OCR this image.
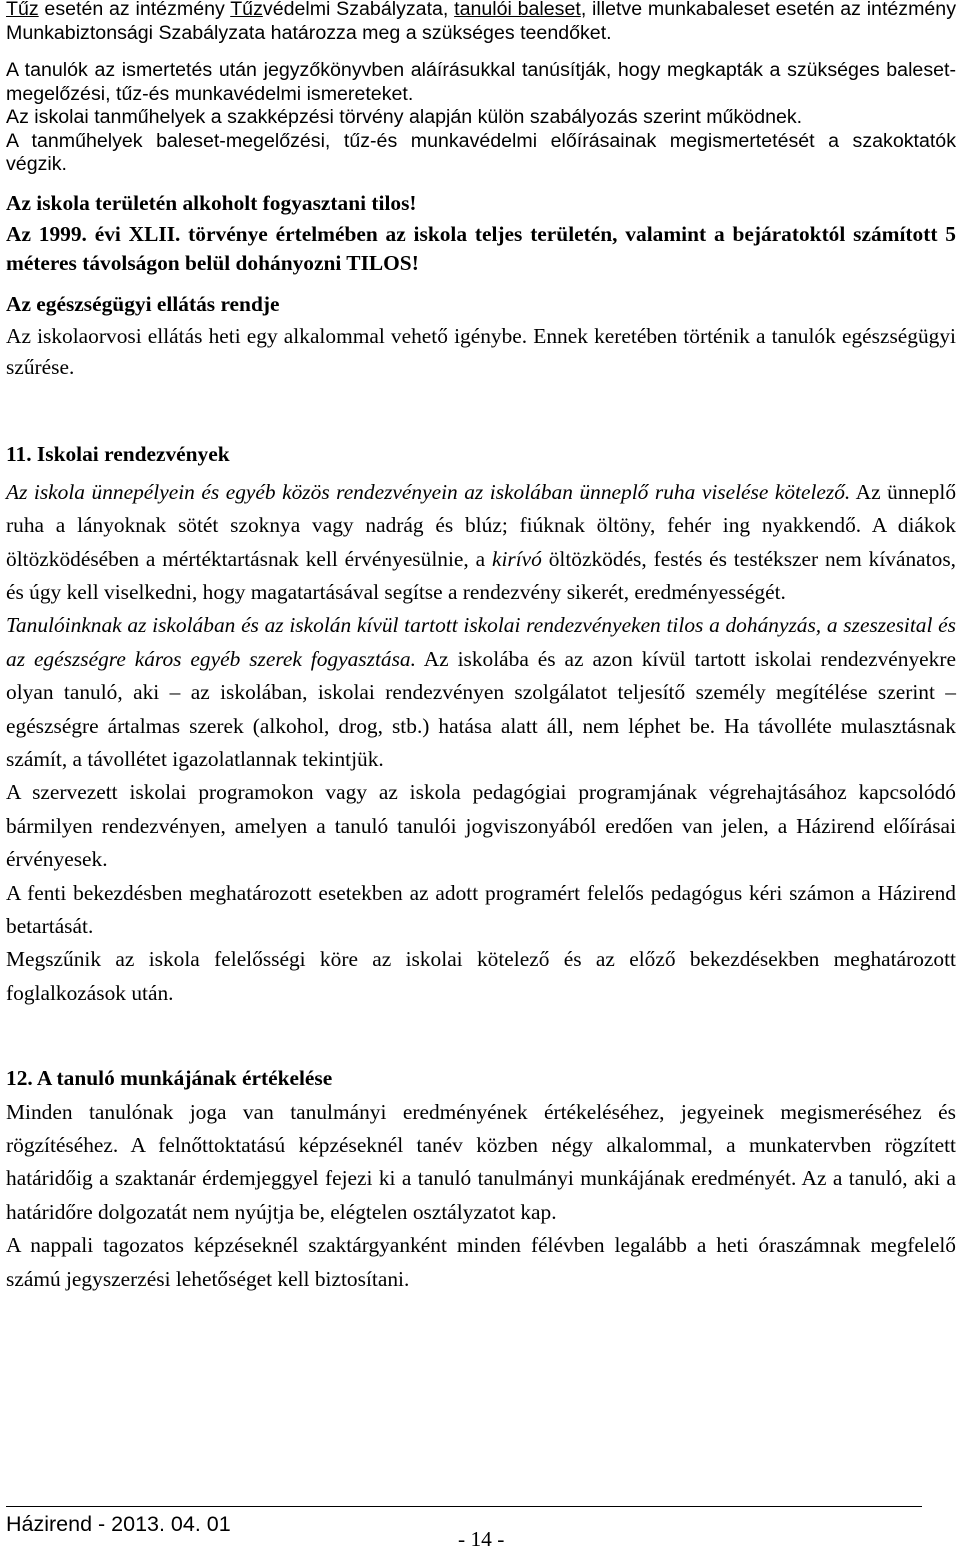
Tűz esetén az intézmény Tűzvédelmi Szabályzata, tanulói baleset, illetve munkabaleset esetén az intézmény Munkabiztonsági Szabályzata határozza meg a szükséges teendőket.

A tanulók az ismertetés után jegyzőkönyvben aláírásukkal tanúsítják, hogy megkapták a szükséges baleset-megelőzési, tűz-és munkavédelmi ismereteket.

Az iskolai tanműhelyek a szakképzési törvény alapján külön szabályozás szerint működnek.

A tanműhelyek baleset-megelőzési, tűz-és munkavédelmi előírásainak megismertetését a szakoktatók végzik.

Az iskola területén alkoholt fogyasztani tilos!

Az 1999. évi XLII. törvénye értelmében az iskola teljes területén, valamint a bejáratoktól számított 5 méteres távolságon belül dohányozni TILOS!

Az egészségügyi ellátás rendje

Az iskolaorvosi ellátás heti egy alkalommal vehető igénybe. Ennek keretében történik a tanulók egészségügyi szűrése.

11. Iskolai rendezvények

Az iskola ünnepélyein és egyéb közös rendezvényein az iskolában ünneplő ruha viselése kötelező. Az ünneplő ruha a lányoknak sötét szoknya vagy nadrág és blúz; fiúknak öltöny, fehér ing nyakkendő. A diákok öltözködésében a mértéktartásnak kell érvényesülnie, a kirívó öltözködés, festés és testékszer nem kívánatos, és úgy kell viselkedni, hogy magatartásával segítse a rendezvény sikerét, eredményességét.

Tanulóinknak az iskolában és az iskolán kívül tartott iskolai rendezvényeken tilos a dohányzás, a szeszesital és az egészségre káros egyéb szerek fogyasztása. Az iskolába és az azon kívül tartott iskolai rendezvényekre olyan tanuló, aki – az iskolában, iskolai rendezvényen szolgálatot teljesítő személy megítélése szerint – egészségre ártalmas szerek (alkohol, drog, stb.) hatása alatt áll, nem léphet be. Ha távolléte mulasztásnak számít, a távollétet igazolatlannak tekintjük.

A szervezett iskolai programokon vagy az iskola pedagógiai programjának végrehajtásához kapcsolódó bármilyen rendezvényen, amelyen a tanuló tanulói jogviszonyából eredően van jelen, a Házirend előírásai érvényesek.

A fenti bekezdésben meghatározott esetekben az adott programért felelős pedagógus kéri számon a Házirend betartását.

Megszűnik az iskola felelősségi köre az iskolai kötelező és az előző bekezdésekben meghatározott foglalkozások után.

12. A tanuló munkájának értékelése

Minden tanulónak joga van tanulmányi eredményének értékeléséhez, jegyeinek megismeréséhez és rögzítéséhez. A felnőttoktatású képzéseknél tanév közben négy alkalommal, a munkatervben rögzített határidőig a szaktanár érdemjeggyel fejezi ki a tanuló tanulmányi munkájának eredményét. Az a tanuló, aki a határidőre dolgozatát nem nyújtja be, elégtelen osztályzatot kap.

A nappali tagozatos képzéseknél szaktárgyanként minden félévben legalább a heti óraszámnak megfelelő számú jegyszerzési lehetőséget kell biztosítani.

Házirend - 2013. 04. 01
- 14 -
